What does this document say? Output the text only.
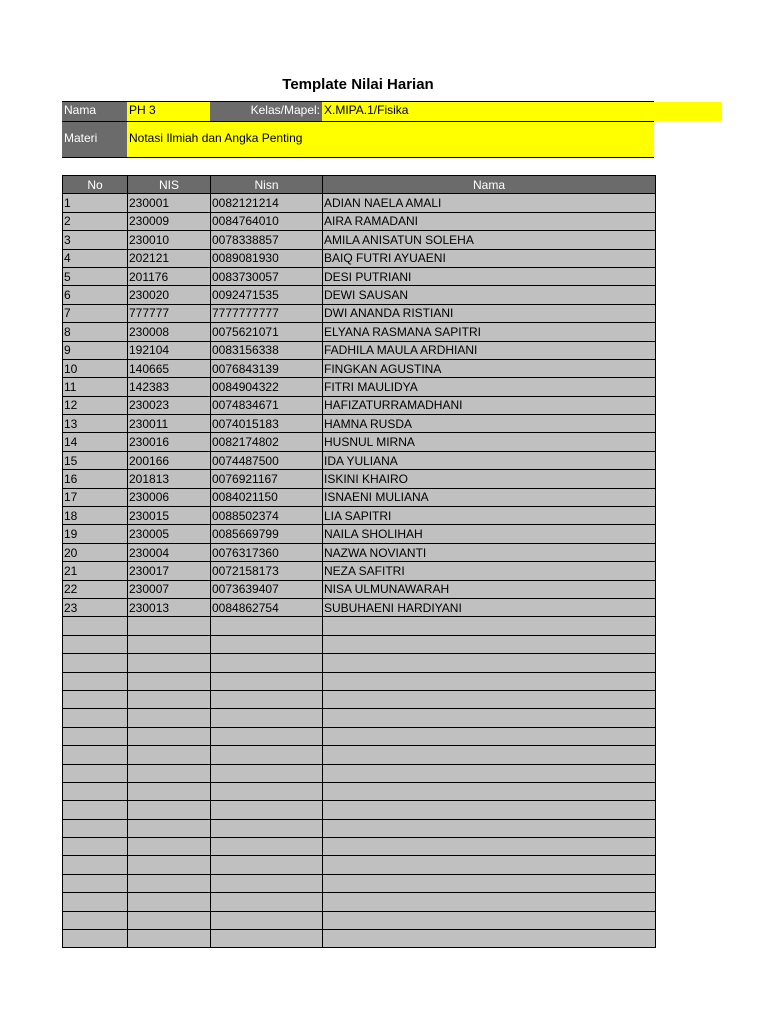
Template Nilai Harian
Nama	PH 3	Kelas/Mapel: X.MIPA.1/Fisika
Materi	Notasi Ilmiah dan Angka Penting
No	NIS	Nisn	Nama
1	230001	0082121214	ADIAN NAELA AMALI
2	230009	0084764010	AIRA RAMADANI
3	230010	0078338857	AMILA ANISATUN SOLEHA
4	202121	0089081930	BAIQ FUTRI AYUAENI
5	201176	0083730057	DESI PUTRIANI
6	230020	0092471535	DEWI SAUSAN
7	777777	7777777777	DWI ANANDA RISTIANI
8	230008	0075621071	ELYANA RASMANA SAPITRI
9	192104	0083156338	FADHILA MAULA ARDHIANI
10	140665	0076843139	FINGKAN AGUSTINA
11	142383	0084904322	FITRI MAULIDYA
12	230023	0074834671	HAFIZATURRAMADHANI
13	230011	0074015183	HAMNA RUSDA
14	230016	0082174802	HUSNUL MIRNA
15	200166	0074487500	IDA YULIANA
16	201813	0076921167	ISKINI KHAIRO
17	230006	0084021150	ISNAENI MULIANA
18	230015	0088502374	LIA SAPITRI
19	230005	0085669799	NAILA SHOLIHAH
20	230004	0076317360	NAZWA NOVIANTI
21	230017	0072158173	NEZA SAFITRI
22	230007	0073639407	NISA ULMUNAWARAH
23	230013	0084862754	SUBUHAENI HARDIYANI
